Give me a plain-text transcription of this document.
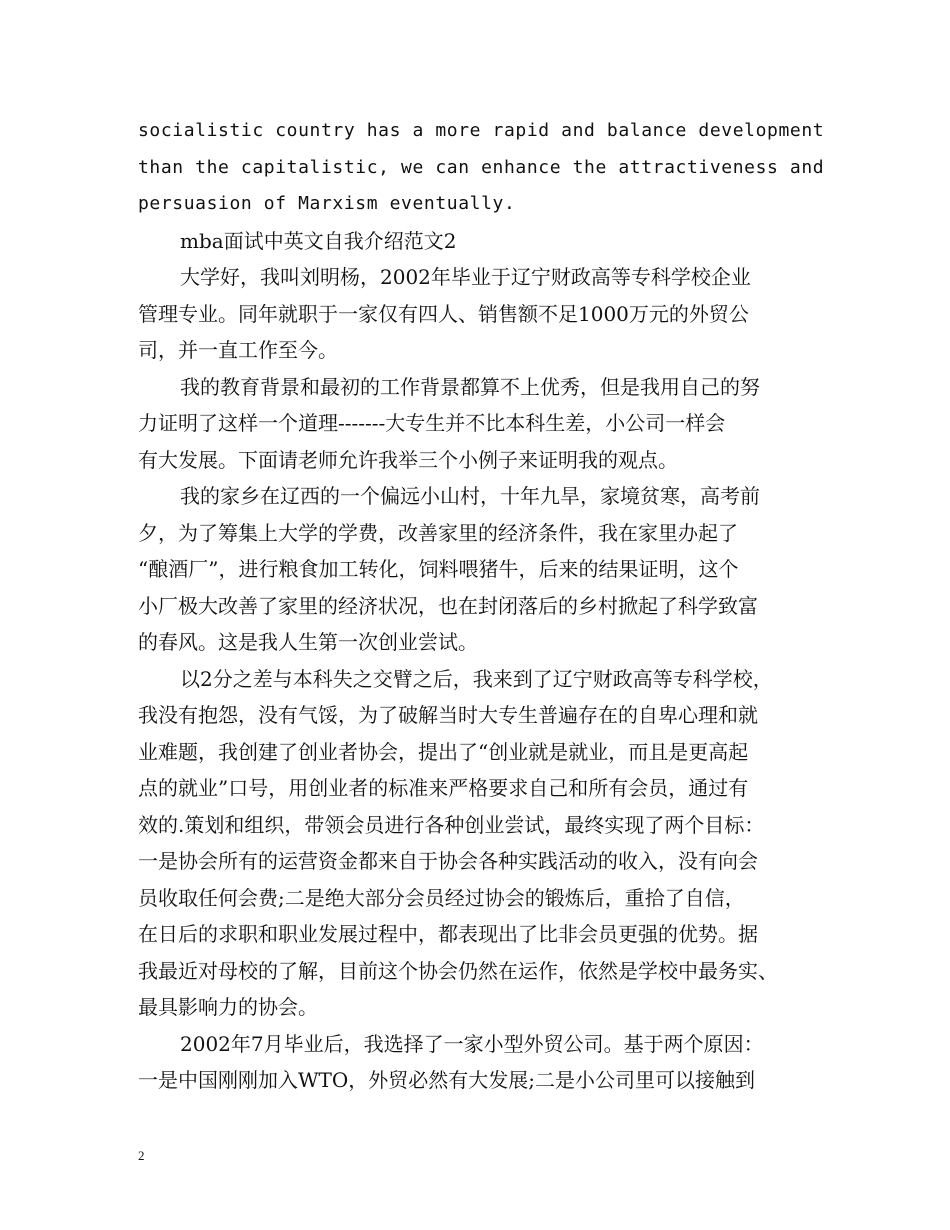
socialistic country has a more rapid and balance development
than the capitalistic, we can enhance the attractiveness and
persuasion of Marxism eventually.
mba面试中英文自我介绍范文2
大学好，我叫刘明杨，2002年毕业于辽宁财政高等专科学校企业
管理专业。同年就职于一家仅有四人、销售额不足1000万元的外贸公
司，并一直工作至今。
我的教育背景和最初的工作背景都算不上优秀，但是我用自己的努
力证明了这样一个道理-------大专生并不比本科生差，小公司一样会
有大发展。下面请老师允许我举三个小例子来证明我的观点。
我的家乡在辽西的一个偏远小山村，十年九旱，家境贫寒，高考前
夕，为了筹集上大学的学费，改善家里的经济条件，我在家里办起了
“酿酒厂”，进行粮食加工转化，饲料喂猪牛，后来的结果证明，这个
小厂极大改善了家里的经济状况，也在封闭落后的乡村掀起了科学致富
的春风。这是我人生第一次创业尝试。
以2分之差与本科失之交臂之后，我来到了辽宁财政高等专科学校，
我没有抱怨，没有气馁，为了破解当时大专生普遍存在的自卑心理和就
业难题，我创建了创业者协会，提出了“创业就是就业，而且是更高起
点的就业”口号，用创业者的标准来严格要求自己和所有会员，通过有
效的.策划和组织，带领会员进行各种创业尝试，最终实现了两个目标：
一是协会所有的运营资金都来自于协会各种实践活动的收入，没有向会
员收取任何会费;二是绝大部分会员经过协会的锻炼后，重拾了自信，
在日后的求职和职业发展过程中，都表现出了比非会员更强的优势。据
我最近对母校的了解，目前这个协会仍然在运作，依然是学校中最务实、
最具影响力的协会。
2002年7月毕业后，我选择了一家小型外贸公司。基于两个原因：
一是中国刚刚加入WTO，外贸必然有大发展;二是小公司里可以接触到
2
